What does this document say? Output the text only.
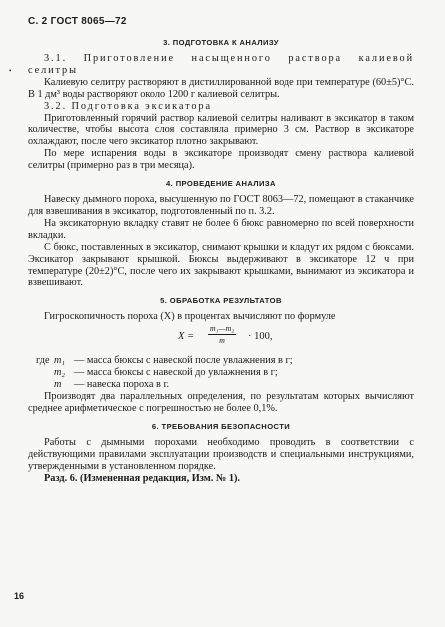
С. 2 ГОСТ 8065—72
•
3. ПОДГОТОВКА К АНАЛИЗУ

3.1. Приготовление насыщенного раствора калиевой селитры

Калиевую селитру растворяют в дистиллированной воде при температуре (60±5)°С. В 1 дм³ воды растворяют около 1200 г калиевой селитры.

3.2. Подготовка эксикатора

Приготовленный горячий раствор калиевой селитры наливают в эксикатор в таком количестве, чтобы высота слоя составляла примерно 3 см. Раствор в эксикаторе охлаждают, после чего эксикатор плотно закрывают.

По мере испарения воды в эксикаторе производят смену раствора калиевой селитры (примерно раз в три месяца).

4. ПРОВЕДЕНИЕ АНАЛИЗА

Навеску дымного пороха, высушенную по ГОСТ 8063—72, помещают в стаканчике для взвешивания в эксикатор, подготовленный по п. 3.2.

На эксикаторную вкладку ставят не более 6 бюкс равномерно по всей поверхности вкладки.

С бюкс, поставленных в эксикатор, снимают крышки и кладут их рядом с бюксами. Эксикатор закрывают крышкой. Бюксы выдерживают в эксикаторе 12 ч при температуре (20±2)°С, после чего их закрывают крышками, вынимают из эксикатора и взвешивают.

5. ОБРАБОТКА РЕЗУЛЬТАТОВ

Гигроскопичность пороха (X) в процентах вычисляют по формуле

$X = \frac{\text{m₁—m₂}}{m} \cdot 100$,
где m₁ — масса бюксы с навеской после увлажнения в г;
m₂ — масса бюксы с навеской до увлажнения в г;
m	— навеска пороха в г.

Производят два параллельных определения, по результатам которых вычисляют среднее арифметическое с погрешностью не более 0,1%.

6. ТРЕБОВАНИЯ БЕЗОПАСНОСТИ

Работы с дымными порохами необходимо проводить в соответствии с действующими правилами эксплуатации производств и специальными инструкциями, утвержденными в установленном порядке.

Разд. 6. (Измененная редакция, Изм. № 1).

16
